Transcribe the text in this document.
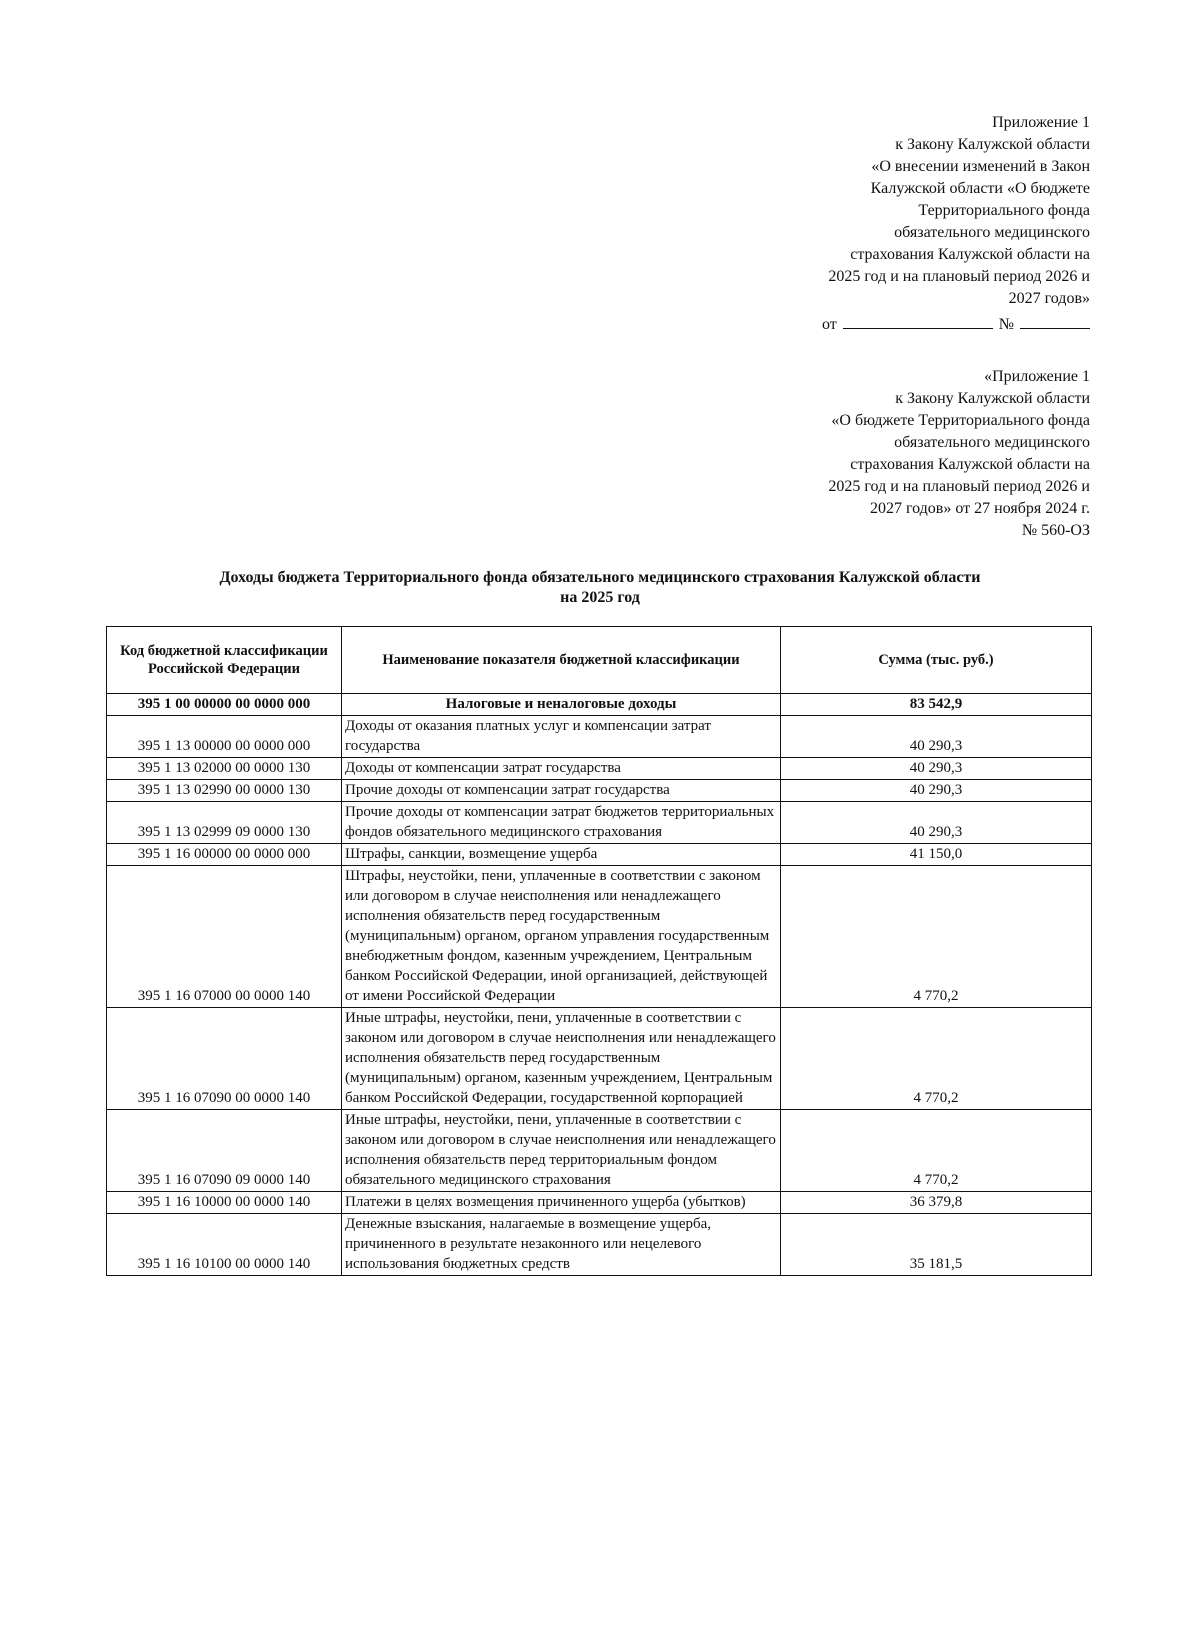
Приложение 1
к Закону Калужской области
«О внесении изменений в Закон
Калужской области «О бюджете
Территориального фонда
обязательного медицинского
страхования Калужской области на
2025 год и на плановый период 2026 и
2027 годов»
от	№
«Приложение 1
к Закону Калужской области
«О бюджете Территориального фонда
обязательного медицинского
страхования Калужской области на
2025 год и на плановый период 2026 и
2027 годов» от 27 ноября 2024 г.
№ 560-ОЗ
Доходы бюджета Территориального фонда обязательного медицинского страхования Калужской области
на 2025 год
Код бюджетной классификации Российской Федерации	Наименование показателя бюджетной классификации	Сумма (тыс. руб.)
395 1 00 00000 00 0000 000	Налоговые и неналоговые доходы	83 542,9
395 1 13 00000 00 0000 000	Доходы от оказания платных услуг и компенсации затрат государства	40 290,3
395 1 13 02000 00 0000 130	Доходы от компенсации затрат государства	40 290,3
395 1 13 02990 00 0000 130	Прочие доходы от компенсации затрат государства	40 290,3
395 1 13 02999 09 0000 130	Прочие доходы от компенсации затрат бюджетов территориальных фондов обязательного медицинского страхования	40 290,3
395 1 16 00000 00 0000 000	Штрафы, санкции, возмещение ущерба	41 150,0
395 1 16 07000 00 0000 140	Штрафы, неустойки, пени, уплаченные в соответствии с законом или договором в случае неисполнения или ненадлежащего исполнения обязательств перед государственным (муниципальным) органом, органом управления государственным внебюджетным фондом, казенным учреждением, Центральным банком Российской Федерации, иной организацией, действующей от имени Российской Федерации	4 770,2
395 1 16 07090 00 0000 140	Иные штрафы, неустойки, пени, уплаченные в соответствии с законом или договором в случае неисполнения или ненадлежащего исполнения обязательств перед государственным (муниципальным) органом, казенным учреждением, Центральным банком Российской Федерации, государственной корпорацией	4 770,2
395 1 16 07090 09 0000 140	Иные штрафы, неустойки, пени, уплаченные в соответствии с законом или договором в случае неисполнения или ненадлежащего исполнения обязательств перед территориальным фондом обязательного медицинского страхования	4 770,2
395 1 16 10000 00 0000 140	Платежи в целях возмещения причиненного ущерба (убытков)	36 379,8
395 1 16 10100 00 0000 140	Денежные взыскания, налагаемые в возмещение ущерба, причиненного в результате незаконного или нецелевого использования бюджетных средств	35 181,5
